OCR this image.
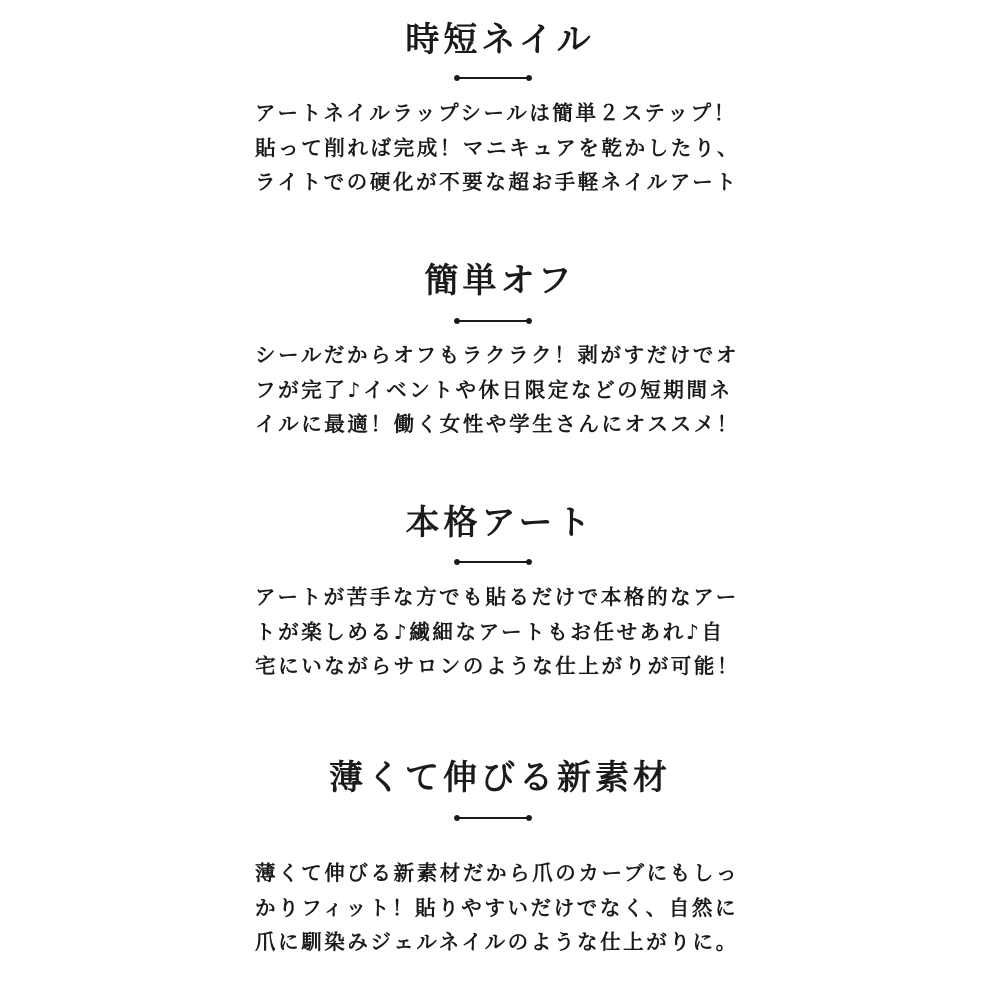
時短ネイル
アートネイルラップシールは簡単２ステップ！
貼って削れば完成！マニキュアを乾かしたり、
ライトでの硬化が不要な超お手軽ネイルアート
簡単オフ
シールだからオフもラクラク！剥がすだけでオ
フが完了♪イベントや休日限定などの短期間ネ
イルに最適！働く女性や学生さんにオススメ！
本格アート
アートが苦手な方でも貼るだけで本格的なアー
トが楽しめる♪繊細なアートもお任せあれ♪自
宅にいながらサロンのような仕上がりが可能！
薄くて伸びる新素材
薄くて伸びる新素材だから爪のカーブにもしっ
かりフィット！貼りやすいだけでなく、自然に
爪に馴染みジェルネイルのような仕上がりに。
